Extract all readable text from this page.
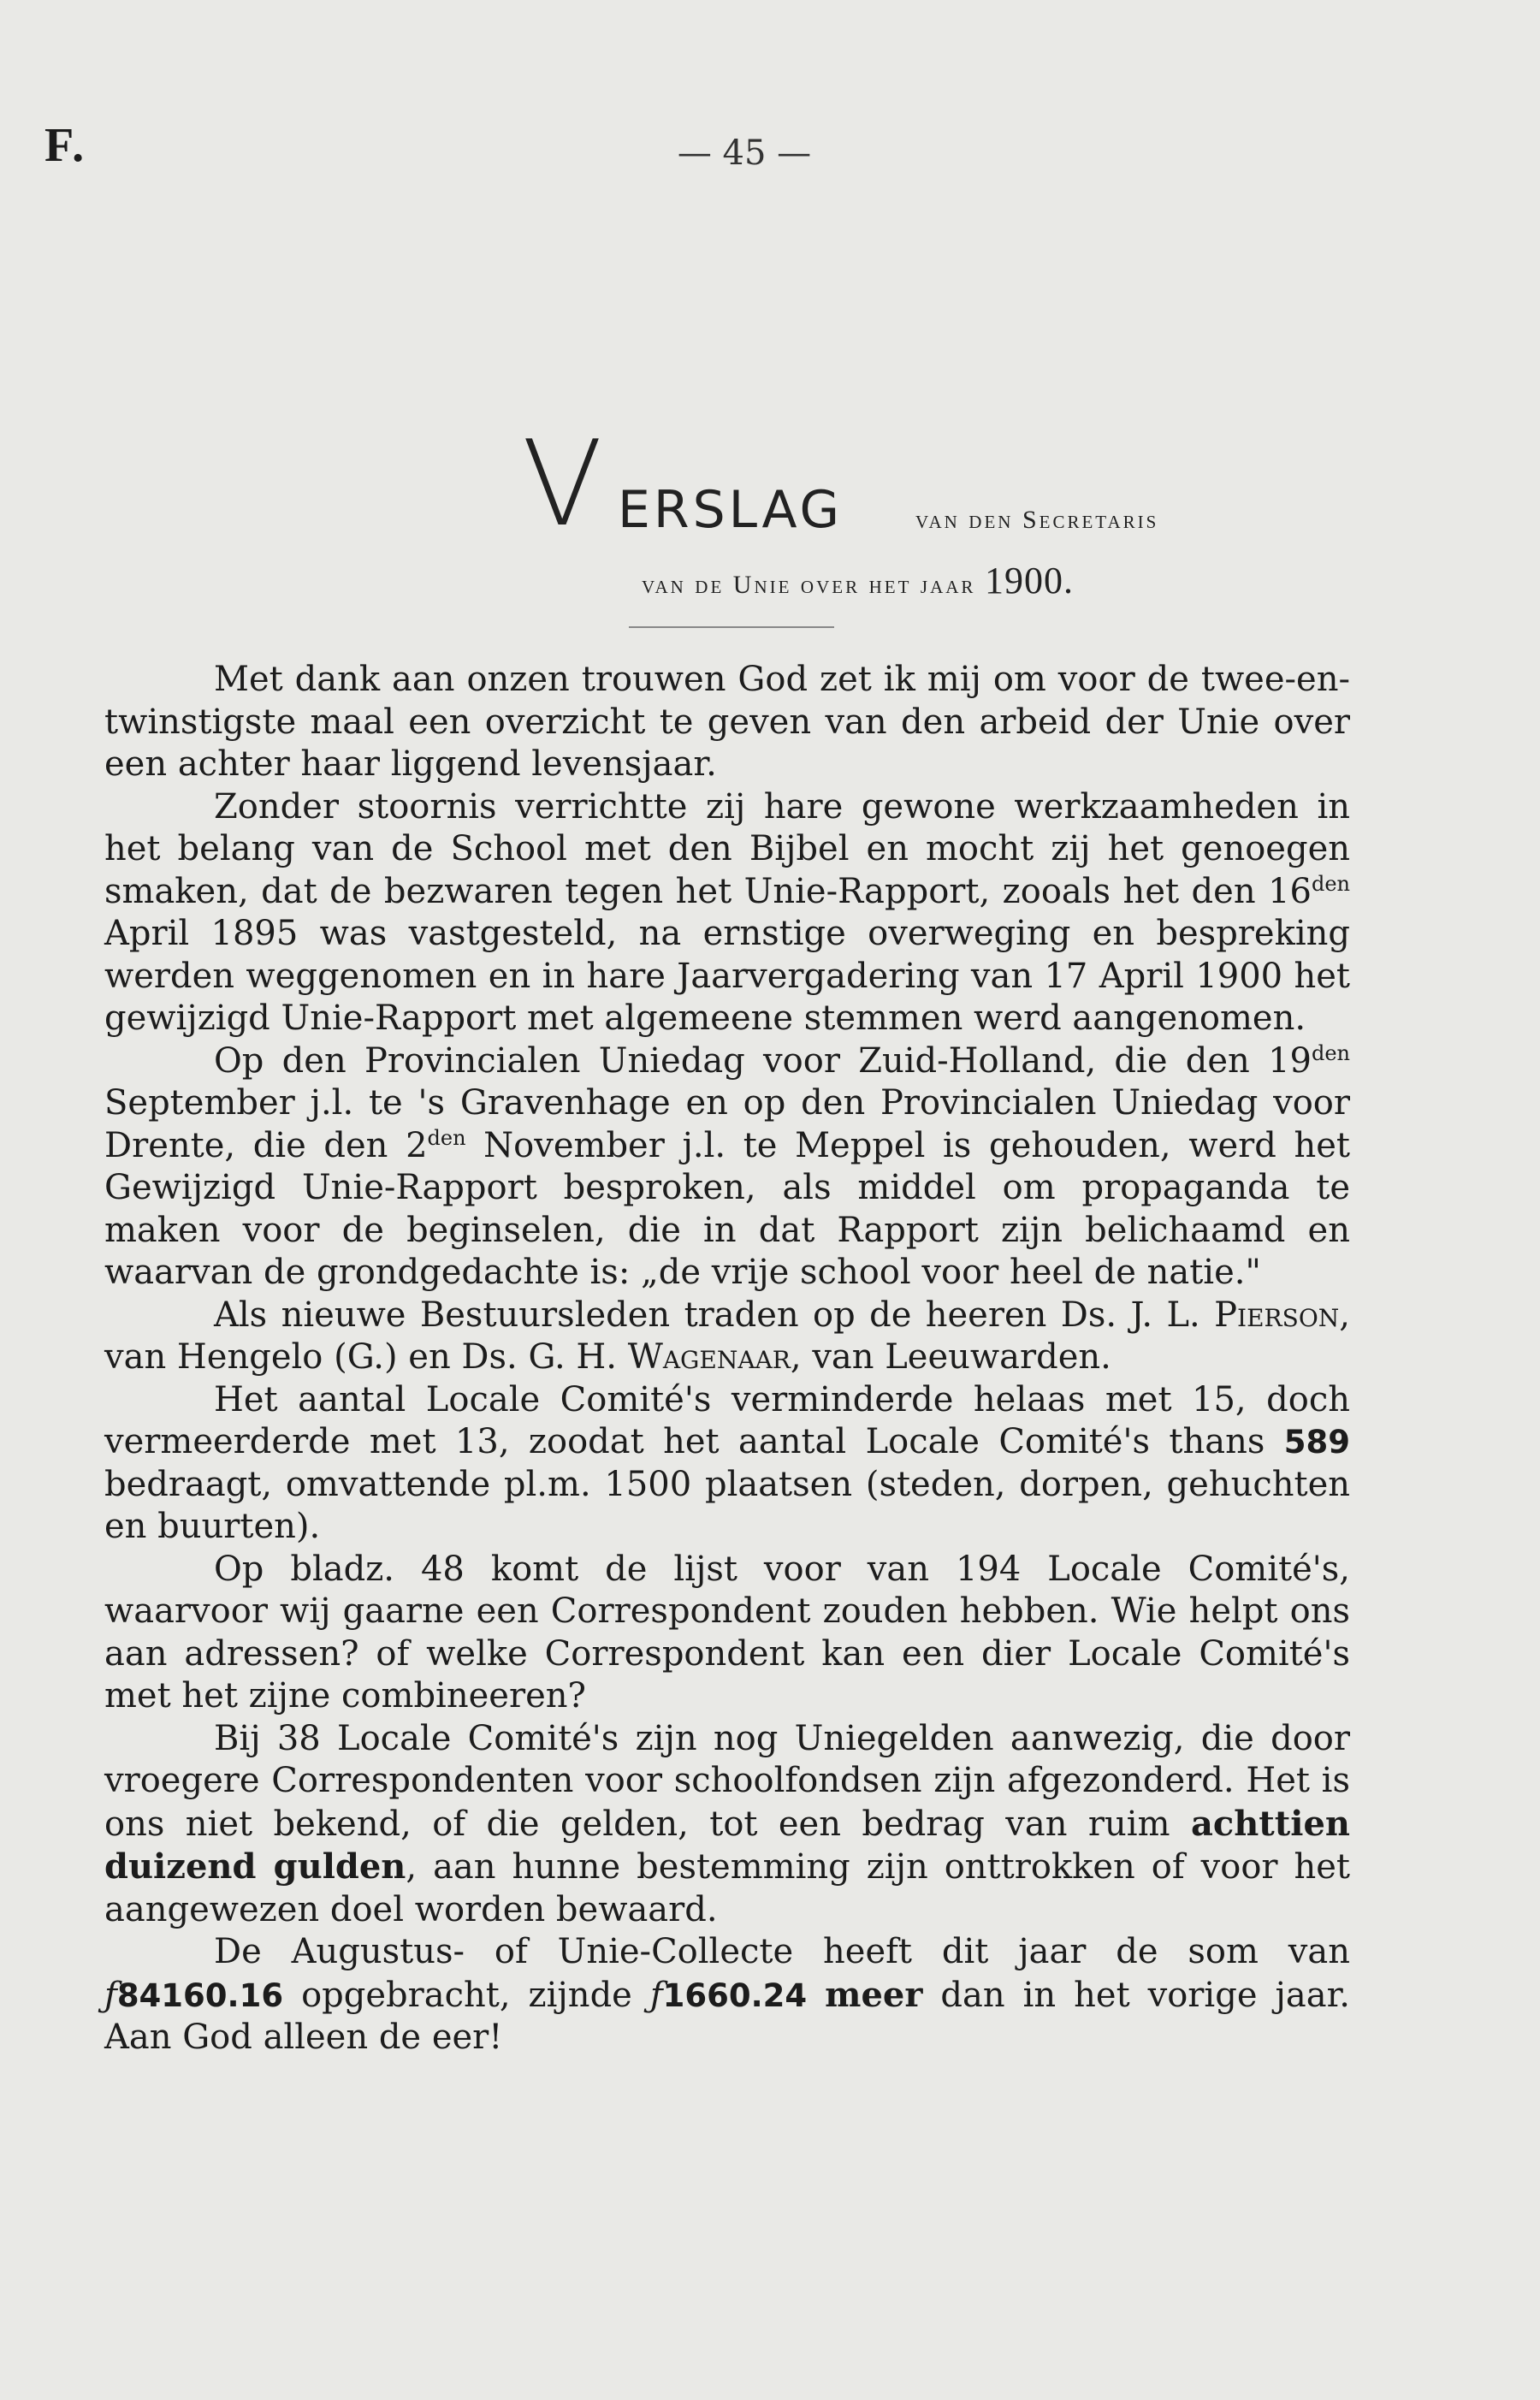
F.	— 45 —
V ERSLAG	van den Secretaris
van de Unie over het jaar 1900.

Met dank aan onzen trouwen God zet ik mij om voor de twee-en-twinstigste maal een overzicht te geven van den arbeid der Unie over een achter haar liggend levensjaar.

Zonder stoornis verrichtte zij hare gewone werkzaamheden in het belang van de School met den Bijbel en mocht zij het genoegen smaken, dat de bezwaren tegen het Unie-Rapport, zooals het den $16^{den}$ April 1895 was vastgesteld, na ernstige overweging en bespreking werden weggenomen en in hare Jaarvergadering van 17 April 1900 het gewijzigd Unie-Rapport met algemeene stemmen werd aangenomen.

Op den Provincialen Uniedag voor Zuid-Holland, die den $19^{den}$ September j.l. te 's Gravenhage en op den Provincialen Uniedag voor Drente, die den $2^{den}$ November j.l. te Meppel is gehouden, werd het Gewijzigd Unie-Rapport besproken, als middel om propaganda te maken voor de beginselen, die in dat Rapport zijn belichaamd en waarvan de grondgedachte is: „de vrije school voor heel de natie."

Als nieuwe Bestuursleden traden op de heeren Ds. J. L. Pierson, van Hengelo (G.) en Ds. G. H. Wagenaar, van Leeuwarden.

Het aantal Locale Comité's verminderde helaas met 15, doch vermeerderde met 13, zoodat het aantal Locale Comité's thans 589 bedraagt, omvattende pl.m. 1500 plaatsen (steden, dorpen, gehuchten en buurten).

Op bladz. 48 komt de lijst voor van 194 Locale Comité's, waarvoor wij gaarne een Correspondent zouden hebben. Wie helpt ons aan adressen? of welke Correspondent kan een dier Locale Comité's met het zijne combineeren?

Bij 38 Locale Comité's zijn nog Uniegelden aanwezig, die door vroegere Correspondenten voor schoolfondsen zijn afgezonderd. Het is ons niet bekend, of die gelden, tot een bedrag van ruim achttien duizend gulden, aan hunne bestemming zijn onttrokken of voor het aangewezen doel worden bewaard.

De Augustus- of Unie-Collecte heeft dit jaar de som van ƒ84160.16 opgebracht, zijnde ƒ1660.24 meer dan in het vorige jaar. Aan God alleen de eer!
